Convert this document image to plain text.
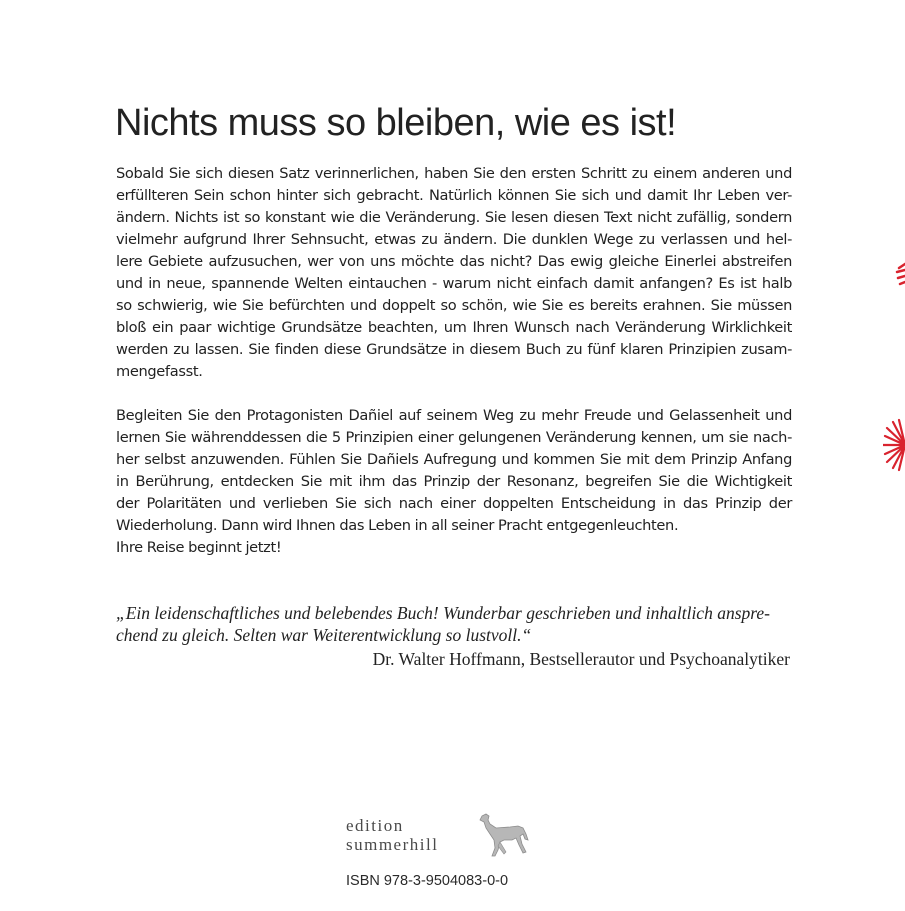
Nichts muss so bleiben, wie es ist!
Sobald Sie sich diesen Satz verinnerlichen, haben Sie den ersten Schritt zu einem anderen und
erfüllteren Sein schon hinter sich gebracht. Natürlich können Sie sich und damit Ihr Leben ver-
ändern. Nichts ist so konstant wie die Veränderung. Sie lesen diesen Text nicht zufällig, sondern
vielmehr aufgrund Ihrer Sehnsucht, etwas zu ändern. Die dunklen Wege zu verlassen und hel-
lere Gebiete aufzusuchen, wer von uns möchte das nicht? Das ewig gleiche Einerlei abstreifen
und in neue, spannende Welten eintauchen - warum nicht einfach damit anfangen? Es ist halb
so schwierig, wie Sie befürchten und doppelt so schön, wie Sie es bereits erahnen. Sie müssen
bloß ein paar wichtige Grundsätze beachten, um Ihren Wunsch nach Veränderung Wirklichkeit
werden zu lassen. Sie finden diese Grundsätze in diesem Buch zu fünf klaren Prinzipien zusam-
mengefasst.
Begleiten Sie den Protagonisten Dañiel auf seinem Weg zu mehr Freude und Gelassenheit und
lernen Sie währenddessen die 5 Prinzipien einer gelungenen Veränderung kennen, um sie nach-
her selbst anzuwenden. Fühlen Sie Dañiels Aufregung und kommen Sie mit dem Prinzip Anfang
in Berührung, entdecken Sie mit ihm das Prinzip der Resonanz, begreifen Sie die Wichtigkeit
der Polaritäten und verlieben Sie sich nach einer doppelten Entscheidung in das Prinzip der
Wiederholung. Dann wird Ihnen das Leben in all seiner Pracht entgegenleuchten.
Ihre Reise beginnt jetzt!
„Ein leidenschaftliches und belebendes Buch! Wunderbar geschrieben und inhaltlich anspre-
chend zu gleich. Selten war Weiterentwicklung so lustvoll.“
Dr. Walter Hoffmann, Bestsellerautor und Psychoanalytiker
edition
summerhill
ISBN 978-3-9504083-0-0
